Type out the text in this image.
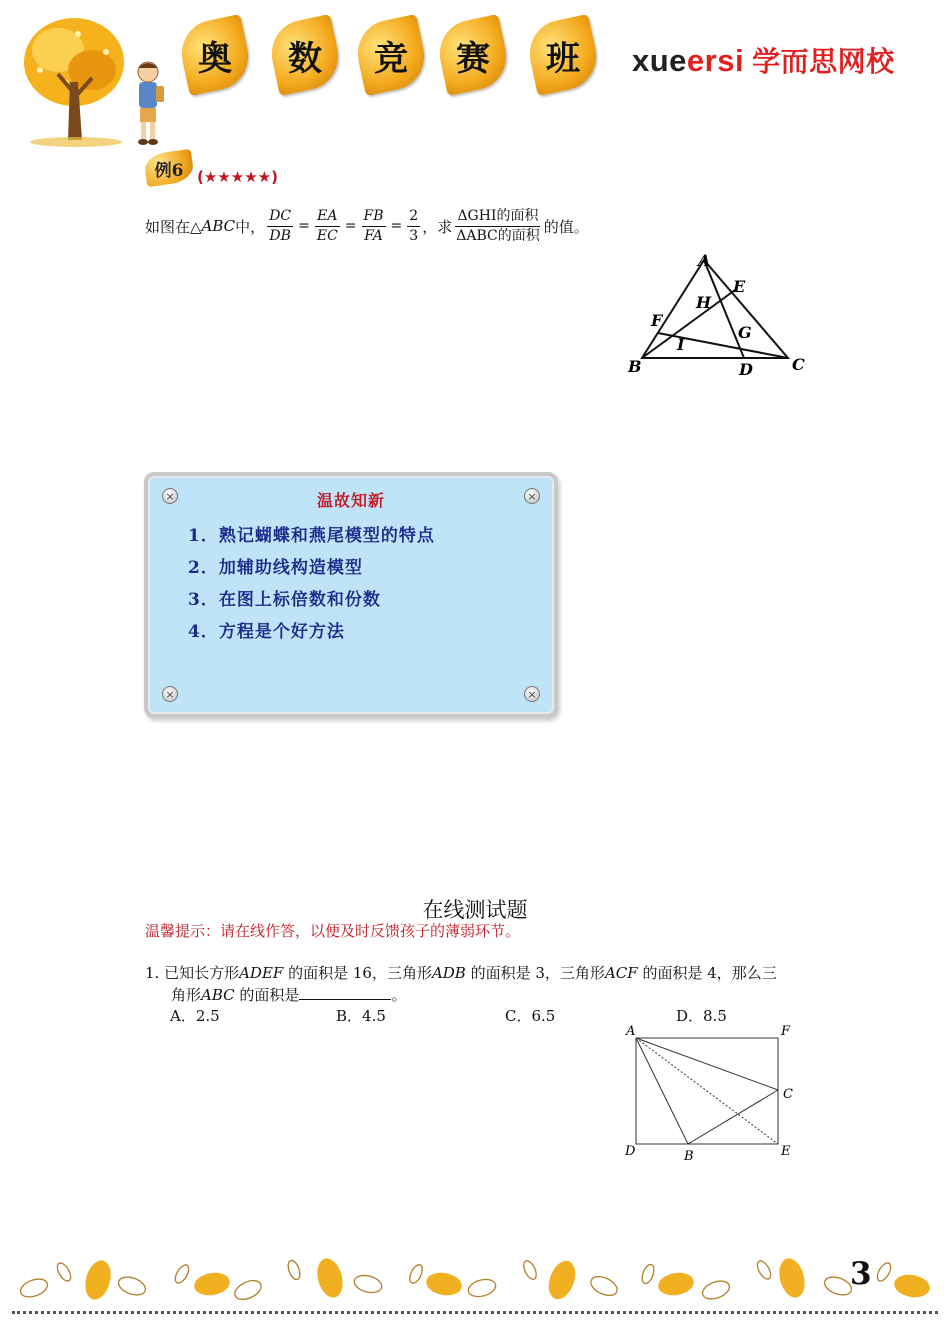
奥	数	竞	赛	班	xueersi 学而思网校
例6 (★★★★★)
如图在△ ABC 中， $\frac{DC}{DB} = \frac{EA}{EC} = \frac{FB}{FA} = \frac{2}{3}$ ，求 $\frac{\text{ΔGHI的面积}}{\text{ΔABC的面积}}$ 的值。
A
B	C
D
E
F
G
H
I
×	×
×	×
温故知新
1．熟记蝴蝶和燕尾模型的特点
2．加辅助线构造模型
3．在图上标倍数和份数
4．方程是个好方法
在线测试题
温馨提示：请在线作答，以便及时反馈孩子的薄弱环节。
1. 已知长方形ADEF 的面积是 16，三角形ADB 的面积是 3，三角形ACF 的面积是 4，那么三
角形ABC 的面积是	。
A．2.5	B．4.5	C．6.5	D．8.5
A	F
C
D	B	E
3
